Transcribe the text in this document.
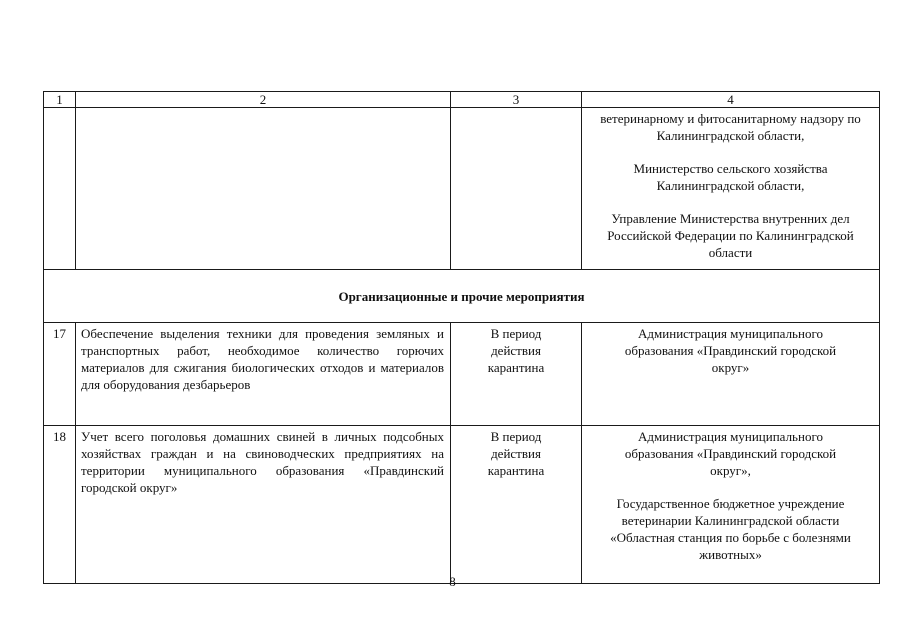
1	2	3	4

			ветеринарному и фитосанитарному надзору по Калининградской области,
Министерство сельского хозяйства Калининградской области,
Управление Министерства внутренних дел Российской Федерации по Калининградской области

Организационные и прочие мероприятия			
17	Обеспечение выделения техники для проведения земляных и транспортных работ, необходимое количество горючих материалов для сжигания биологических отходов и материалов для оборудования дезбарьеров	В период действия карантина	Администрация муниципального образования «Правдинский городской округ»

18	Учет всего поголовья домашних свиней в личных подсобных хозяйствах граждан и на свиноводческих предприятиях на территории муниципального образования «Правдинский городской округ»	В период действия карантина	Администрация муниципального образования «Правдинский городской округ»,
Государственное бюджетное учреждение ветеринарии Калининградской области «Областная станция по борьбе с болезнями животных»
8
